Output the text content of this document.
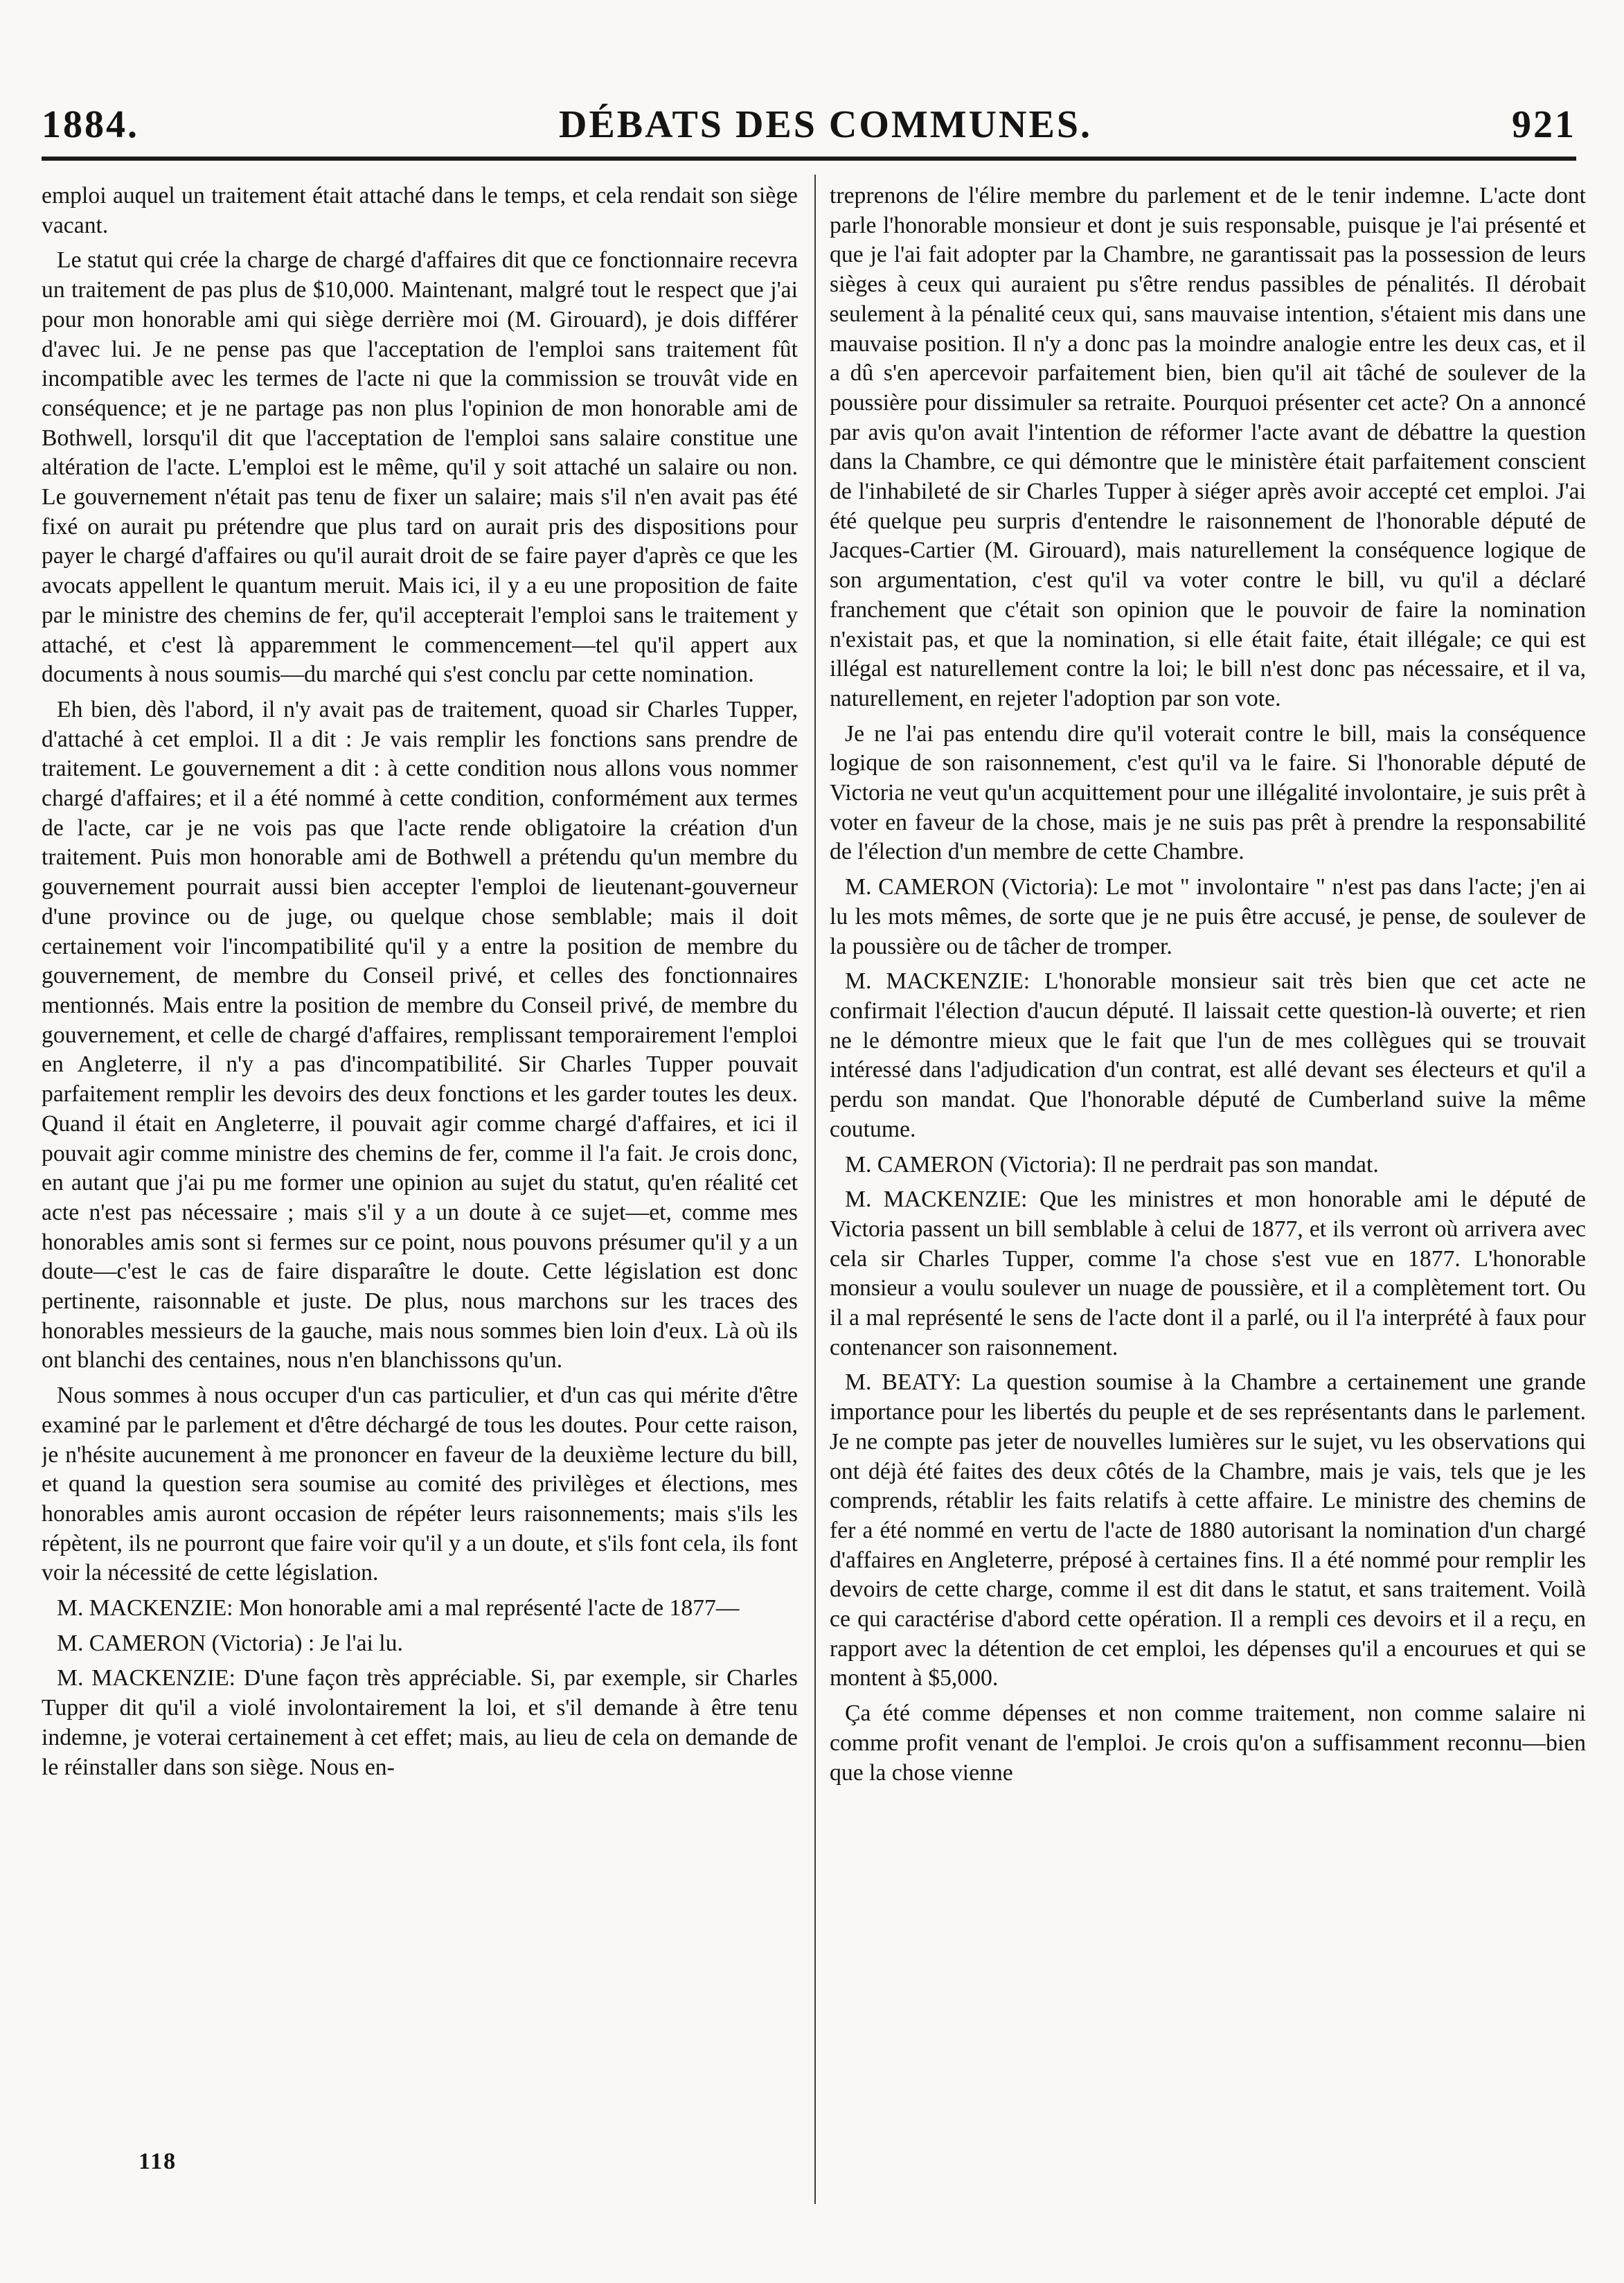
1884.	DÉBATS DES COMMUNES.	921

emploi auquel un traitement était attaché dans le temps, et cela rendait son siège vacant.

Le statut qui crée la charge de chargé d'affaires dit que ce fonctionnaire recevra un traitement de pas plus de $10,000. Maintenant, malgré tout le respect que j'ai pour mon honorable ami qui siège derrière moi (M. Girouard), je dois différer d'avec lui. Je ne pense pas que l'acceptation de l'emploi sans traitement fût incompatible avec les termes de l'acte ni que la commission se trouvât vide en conséquence; et je ne partage pas non plus l'opinion de mon honorable ami de Bothwell, lorsqu'il dit que l'acceptation de l'emploi sans salaire constitue une altération de l'acte. L'emploi est le même, qu'il y soit attaché un salaire ou non. Le gouvernement n'était pas tenu de fixer un salaire; mais s'il n'en avait pas été fixé on aurait pu prétendre que plus tard on aurait pris des dispositions pour payer le chargé d'affaires ou qu'il aurait droit de se faire payer d'après ce que les avocats appellent le quantum meruit. Mais ici, il y a eu une proposition de faite par le ministre des chemins de fer, qu'il accepterait l'emploi sans le traitement y attaché, et c'est là apparemment le commencement—tel qu'il appert aux documents à nous soumis—du marché qui s'est conclu par cette nomination.

Eh bien, dès l'abord, il n'y avait pas de traitement, quoad sir Charles Tupper, d'attaché à cet emploi. Il a dit : Je vais remplir les fonctions sans prendre de traitement. Le gouvernement a dit : à cette condition nous allons vous nommer chargé d'affaires; et il a été nommé à cette condition, conformément aux termes de l'acte, car je ne vois pas que l'acte rende obligatoire la création d'un traitement. Puis mon honorable ami de Bothwell a prétendu qu'un membre du gouvernement pourrait aussi bien accepter l'emploi de lieutenant-gouverneur d'une province ou de juge, ou quelque chose semblable; mais il doit certainement voir l'incompatibilité qu'il y a entre la position de membre du gouvernement, de membre du Conseil privé, et celles des fonctionnaires mentionnés. Mais entre la position de membre du Conseil privé, de membre du gouvernement, et celle de chargé d'affaires, remplissant temporairement l'emploi en Angleterre, il n'y a pas d'incompatibilité. Sir Charles Tupper pouvait parfaitement remplir les devoirs des deux fonctions et les garder toutes les deux. Quand il était en Angleterre, il pouvait agir comme chargé d'affaires, et ici il pouvait agir comme ministre des chemins de fer, comme il l'a fait. Je crois donc, en autant que j'ai pu me former une opinion au sujet du statut, qu'en réalité cet acte n'est pas nécessaire ; mais s'il y a un doute à ce sujet—et, comme mes honorables amis sont si fermes sur ce point, nous pouvons présumer qu'il y a un doute—c'est le cas de faire disparaître le doute. Cette législation est donc pertinente, raisonnable et juste. De plus, nous marchons sur les traces des honorables messieurs de la gauche, mais nous sommes bien loin d'eux. Là où ils ont blanchi des centaines, nous n'en blanchissons qu'un.

Nous sommes à nous occuper d'un cas particulier, et d'un cas qui mérite d'être examiné par le parlement et d'être déchargé de tous les doutes. Pour cette raison, je n'hésite aucunement à me prononcer en faveur de la deuxième lecture du bill, et quand la question sera soumise au comité des privilèges et élections, mes honorables amis auront occasion de répéter leurs raisonnements; mais s'ils les répètent, ils ne pourront que faire voir qu'il y a un doute, et s'ils font cela, ils font voir la nécessité de cette législation.

M. MACKENZIE: Mon honorable ami a mal représenté l'acte de 1877—

M. CAMERON (Victoria) : Je l'ai lu.

M. MACKENZIE: D'une façon très appréciable. Si, par exemple, sir Charles Tupper dit qu'il a violé involontairement la loi, et s'il demande à être tenu indemne, je voterai certainement à cet effet; mais, au lieu de cela on demande de le réinstaller dans son siège. Nous en-

treprenons de l'élire membre du parlement et de le tenir indemne. L'acte dont parle l'honorable monsieur et dont je suis responsable, puisque je l'ai présenté et que je l'ai fait adopter par la Chambre, ne garantissait pas la possession de leurs sièges à ceux qui auraient pu s'être rendus passibles de pénalités. Il dérobait seulement à la pénalité ceux qui, sans mauvaise intention, s'étaient mis dans une mauvaise position. Il n'y a donc pas la moindre analogie entre les deux cas, et il a dû s'en apercevoir parfaitement bien, bien qu'il ait tâché de soulever de la poussière pour dissimuler sa retraite. Pourquoi présenter cet acte? On a annoncé par avis qu'on avait l'intention de réformer l'acte avant de débattre la question dans la Chambre, ce qui démontre que le ministère était parfaitement conscient de l'inhabileté de sir Charles Tupper à siéger après avoir accepté cet emploi. J'ai été quelque peu surpris d'entendre le raisonnement de l'honorable député de Jacques-Cartier (M. Girouard), mais naturellement la conséquence logique de son argumentation, c'est qu'il va voter contre le bill, vu qu'il a déclaré franchement que c'était son opinion que le pouvoir de faire la nomination n'existait pas, et que la nomination, si elle était faite, était illégale; ce qui est illégal est naturellement contre la loi; le bill n'est donc pas nécessaire, et il va, naturellement, en rejeter l'adoption par son vote.

Je ne l'ai pas entendu dire qu'il voterait contre le bill, mais la conséquence logique de son raisonnement, c'est qu'il va le faire. Si l'honorable député de Victoria ne veut qu'un acquittement pour une illégalité involontaire, je suis prêt à voter en faveur de la chose, mais je ne suis pas prêt à prendre la responsabilité de l'élection d'un membre de cette Chambre.

M. CAMERON (Victoria): Le mot " involontaire " n'est pas dans l'acte; j'en ai lu les mots mêmes, de sorte que je ne puis être accusé, je pense, de soulever de la poussière ou de tâcher de tromper.

M. MACKENZIE: L'honorable monsieur sait très bien que cet acte ne confirmait l'élection d'aucun député. Il laissait cette question-là ouverte; et rien ne le démontre mieux que le fait que l'un de mes collègues qui se trouvait intéressé dans l'adjudication d'un contrat, est allé devant ses électeurs et qu'il a perdu son mandat. Que l'honorable député de Cumberland suive la même coutume.

M. CAMERON (Victoria): Il ne perdrait pas son mandat.

M. MACKENZIE: Que les ministres et mon honorable ami le député de Victoria passent un bill semblable à celui de 1877, et ils verront où arrivera avec cela sir Charles Tupper, comme l'a chose s'est vue en 1877. L'honorable monsieur a voulu soulever un nuage de poussière, et il a complètement tort. Ou il a mal représenté le sens de l'acte dont il a parlé, ou il l'a interprété à faux pour contenancer son raisonnement.

M. BEATY: La question soumise à la Chambre a certainement une grande importance pour les libertés du peuple et de ses représentants dans le parlement. Je ne compte pas jeter de nouvelles lumières sur le sujet, vu les observations qui ont déjà été faites des deux côtés de la Chambre, mais je vais, tels que je les comprends, rétablir les faits relatifs à cette affaire. Le ministre des chemins de fer a été nommé en vertu de l'acte de 1880 autorisant la nomination d'un chargé d'affaires en Angleterre, préposé à certaines fins. Il a été nommé pour remplir les devoirs de cette charge, comme il est dit dans le statut, et sans traitement. Voilà ce qui caractérise d'abord cette opération. Il a rempli ces devoirs et il a reçu, en rapport avec la détention de cet emploi, les dépenses qu'il a encourues et qui se montent à $5,000.

Ça été comme dépenses et non comme traitement, non comme salaire ni comme profit venant de l'emploi. Je crois qu'on a suffisamment reconnu—bien que la chose vienne

118
